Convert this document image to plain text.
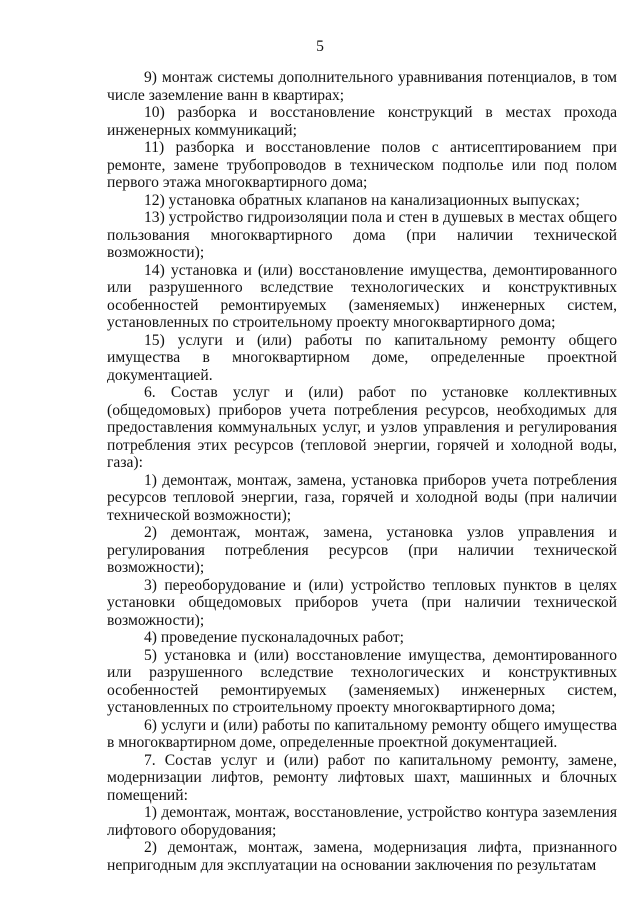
5

9) монтаж системы дополнительного уравнивания потенциалов, в том числе заземление ванн в квартирах;

10) разборка и восстановление конструкций в местах прохода инженерных коммуникаций;

11) разборка и восстановление полов с антисептированием при ремонте, замене трубопроводов в техническом подполье или под полом первого этажа многоквартирного дома;

12) установка обратных клапанов на канализационных выпусках;

13) устройство гидроизоляции пола и стен в душевых в местах общего пользования многоквартирного дома (при наличии технической возможности);

14) установка и (или) восстановление имущества, демонтированного или разрушенного вследствие технологических и конструктивных особенностей ремонтируемых (заменяемых) инженерных систем, установленных по строительному проекту многоквартирного дома;

15) услуги и (или) работы по капитальному ремонту общего имущества в многоквартирном доме, определенные проектной документацией.

6. Состав услуг и (или) работ по установке коллективных (общедомовых) приборов учета потребления ресурсов, необходимых для предоставления коммунальных услуг, и узлов управления и регулирования потребления этих ресурсов (тепловой энергии, горячей и холодной воды, газа):

1) демонтаж, монтаж, замена, установка приборов учета потребления ресурсов тепловой энергии, газа, горячей и холодной воды (при наличии технической возможности);

2) демонтаж, монтаж, замена, установка узлов управления и регулирования потребления ресурсов (при наличии технической возможности);

3) переоборудование и (или) устройство тепловых пунктов в целях установки общедомовых приборов учета (при наличии технической возможности);

4) проведение пусконаладочных работ;

5) установка и (или) восстановление имущества, демонтированного или разрушенного вследствие технологических и конструктивных особенностей ремонтируемых (заменяемых) инженерных систем, установленных по строительному проекту многоквартирного дома;

6) услуги и (или) работы по капитальному ремонту общего имущества в многоквартирном доме, определенные проектной документацией.

7. Состав услуг и (или) работ по капитальному ремонту, замене, модернизации лифтов, ремонту лифтовых шахт, машинных и блочных помещений:

1) демонтаж, монтаж, восстановление, устройство контура заземления лифтового оборудования;

2) демонтаж, монтаж, замена, модернизация лифта, признанного непригодным для эксплуатации на основании заключения по результатам
